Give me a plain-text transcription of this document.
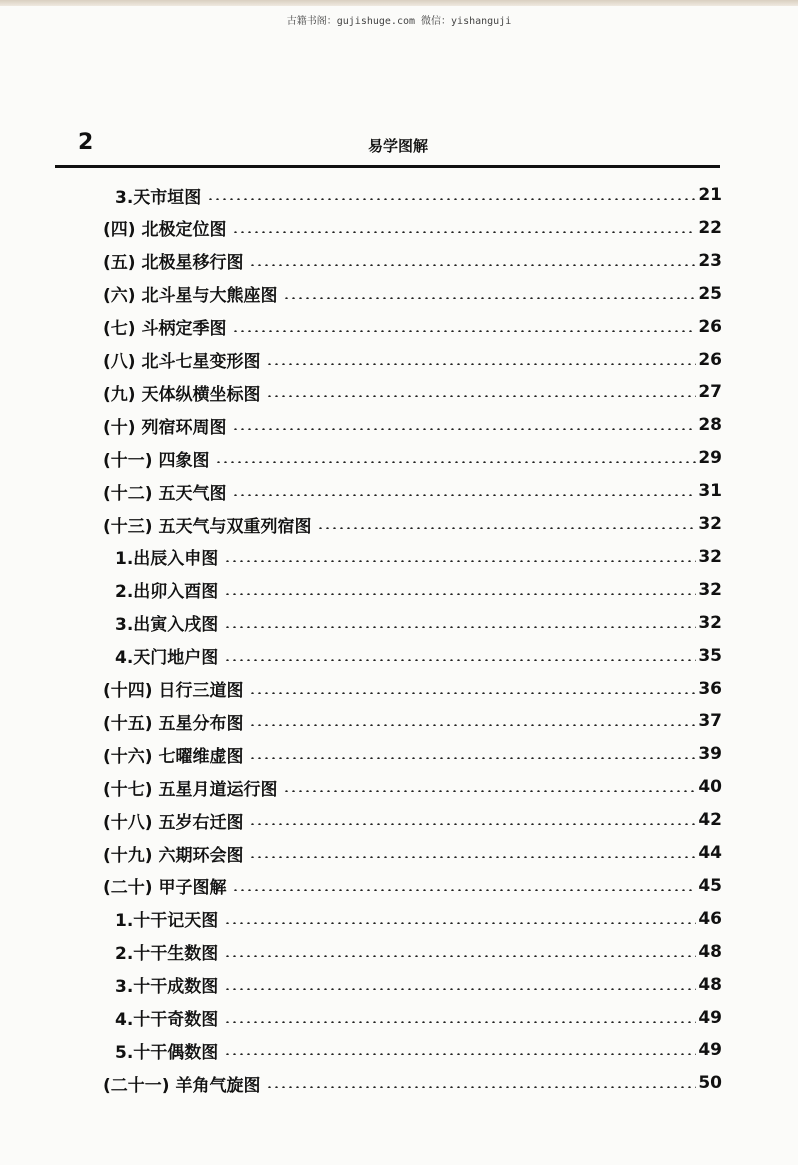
古籍书阁：gujishuge.com 微信：yishanguji
2	易学图解
3.天市垣图	21
(四) 北极定位图	22
(五) 北极星移行图	23
(六) 北斗星与大熊座图	25
(七) 斗柄定季图	26
(八) 北斗七星变形图	26
(九) 天体纵横坐标图	27
(十) 列宿环周图	28
(十一) 四象图	29
(十二) 五天气图	31
(十三) 五天气与双重列宿图	32
1.出辰入申图	32
2.出卯入酉图	32
3.出寅入戌图	32
4.天门地户图	35
(十四) 日行三道图	36
(十五) 五星分布图	37
(十六) 七曜维虚图	39
(十七) 五星月道运行图	40
(十八) 五岁右迁图	42
(十九) 六期环会图	44
(二十) 甲子图解	45
1.十干记天图	46
2.十干生数图	48
3.十干成数图	48
4.十干奇数图	49
5.十干偶数图	49
(二十一) 羊角气旋图	50
